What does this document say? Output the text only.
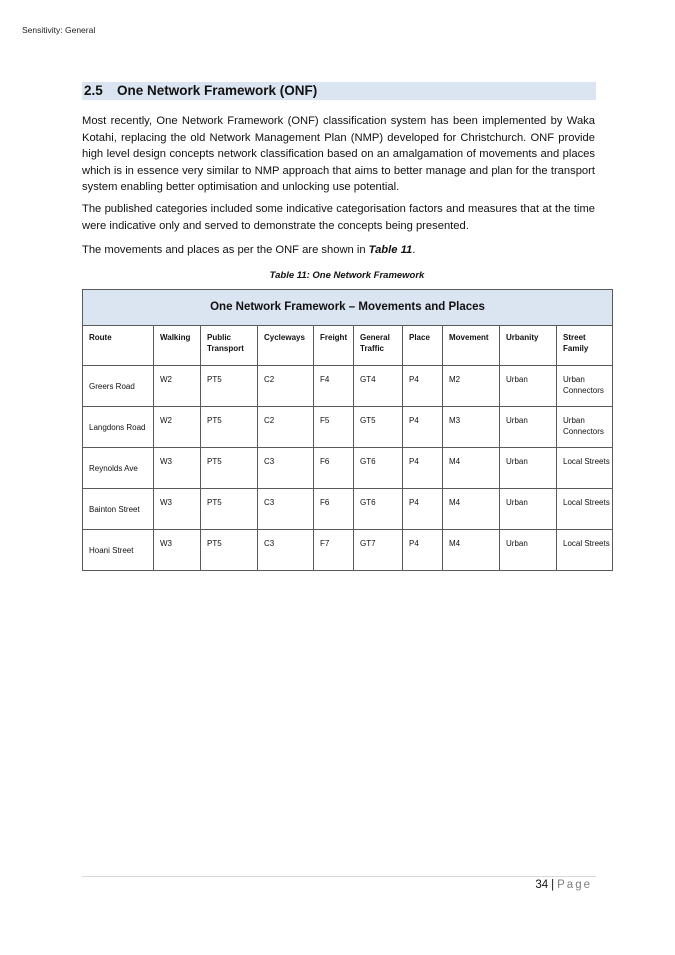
Sensitivity: General
2.5 One Network Framework (ONF)

Most recently, One Network Framework (ONF) classification system has been implemented by Waka Kotahi, replacing the old Network Management Plan (NMP) developed for Christchurch. ONF provide high level design concepts network classification based on an amalgamation of movements and places which is in essence very similar to NMP approach that aims to better manage and plan for the transport system enabling better optimisation and unlocking use potential.

The published categories included some indicative categorisation factors and measures that at the time were indicative only and served to demonstrate the concepts being presented.

The movements and places as per the ONF are shown in Table 11.

Table 11: One Network Framework
One Network Framework – Movements and Places									
Route	Walking	Public Transport	Cycleways	Freight	General Traffic	Place	Movement	Urbanity	Street Family
Greers Road	W2	PT5	C2	F4	GT4	P4	M2	Urban	Urban Connectors
Langdons Road	W2	PT5	C2	F5	GT5	P4	M3	Urban	Urban Connectors
Reynolds Ave	W3	PT5	C3	F6	GT6	P4	M4	Urban	Local Streets
Bainton Street	W3	PT5	C3	F6	GT6	P4	M4	Urban	Local Streets
Hoani Street	W3	PT5	C3	F7	GT7	P4	M4	Urban	Local Streets
34 | Page
